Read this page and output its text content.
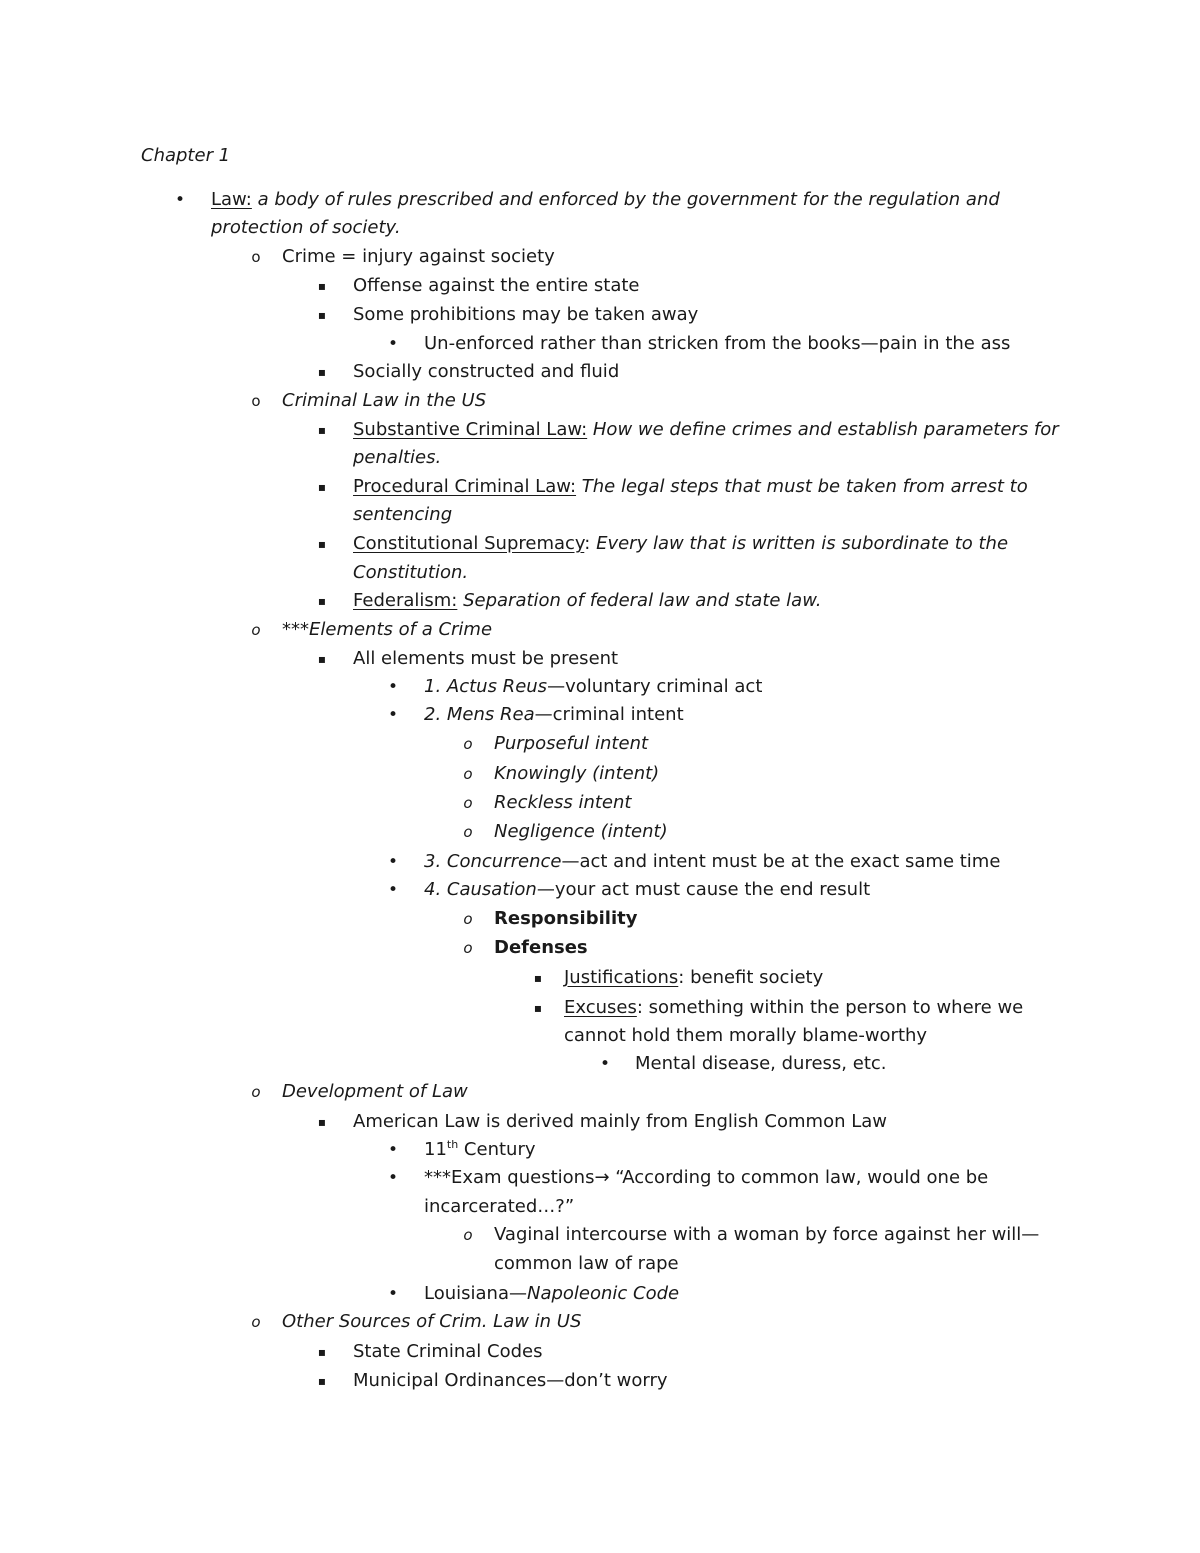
Chapter 1
• Law: a body of rules prescribed and enforced by the government for the regulation and
protection of society.
o Crime = injury against society
▪ Offense against the entire state
▪ Some prohibitions may be taken away
• Un-enforced rather than stricken from the books—pain in the ass
▪ Socially constructed and fluid
o Criminal Law in the US
▪ Substantive Criminal Law: How we define crimes and establish parameters for
penalties.
▪ Procedural Criminal Law: The legal steps that must be taken from arrest to
sentencing
▪ Constitutional Supremacy: Every law that is written is subordinate to the
Constitution.
▪ Federalism: Separation of federal law and state law.
o ***Elements of a Crime
▪ All elements must be present
• 1. Actus Reus—voluntary criminal act
• 2. Mens Rea—criminal intent
o Purposeful intent
o Knowingly (intent)
o Reckless intent
o Negligence (intent)
• 3. Concurrence—act and intent must be at the exact same time
• 4. Causation—your act must cause the end result
o Responsibility
o Defenses
▪ Justifications: benefit society
▪ Excuses: something within the person to where we
cannot hold them morally blame-worthy
• Mental disease, duress, etc.
o Development of Law
▪ American Law is derived mainly from English Common Law
• 11th Century
• ***Exam questions→ “According to common law, would one be
incarcerated…?”
o Vaginal intercourse with a woman by force against her will—
common law of rape
• Louisiana—Napoleonic Code
o Other Sources of Crim. Law in US
▪ State Criminal Codes
▪ Municipal Ordinances—don’t worry
